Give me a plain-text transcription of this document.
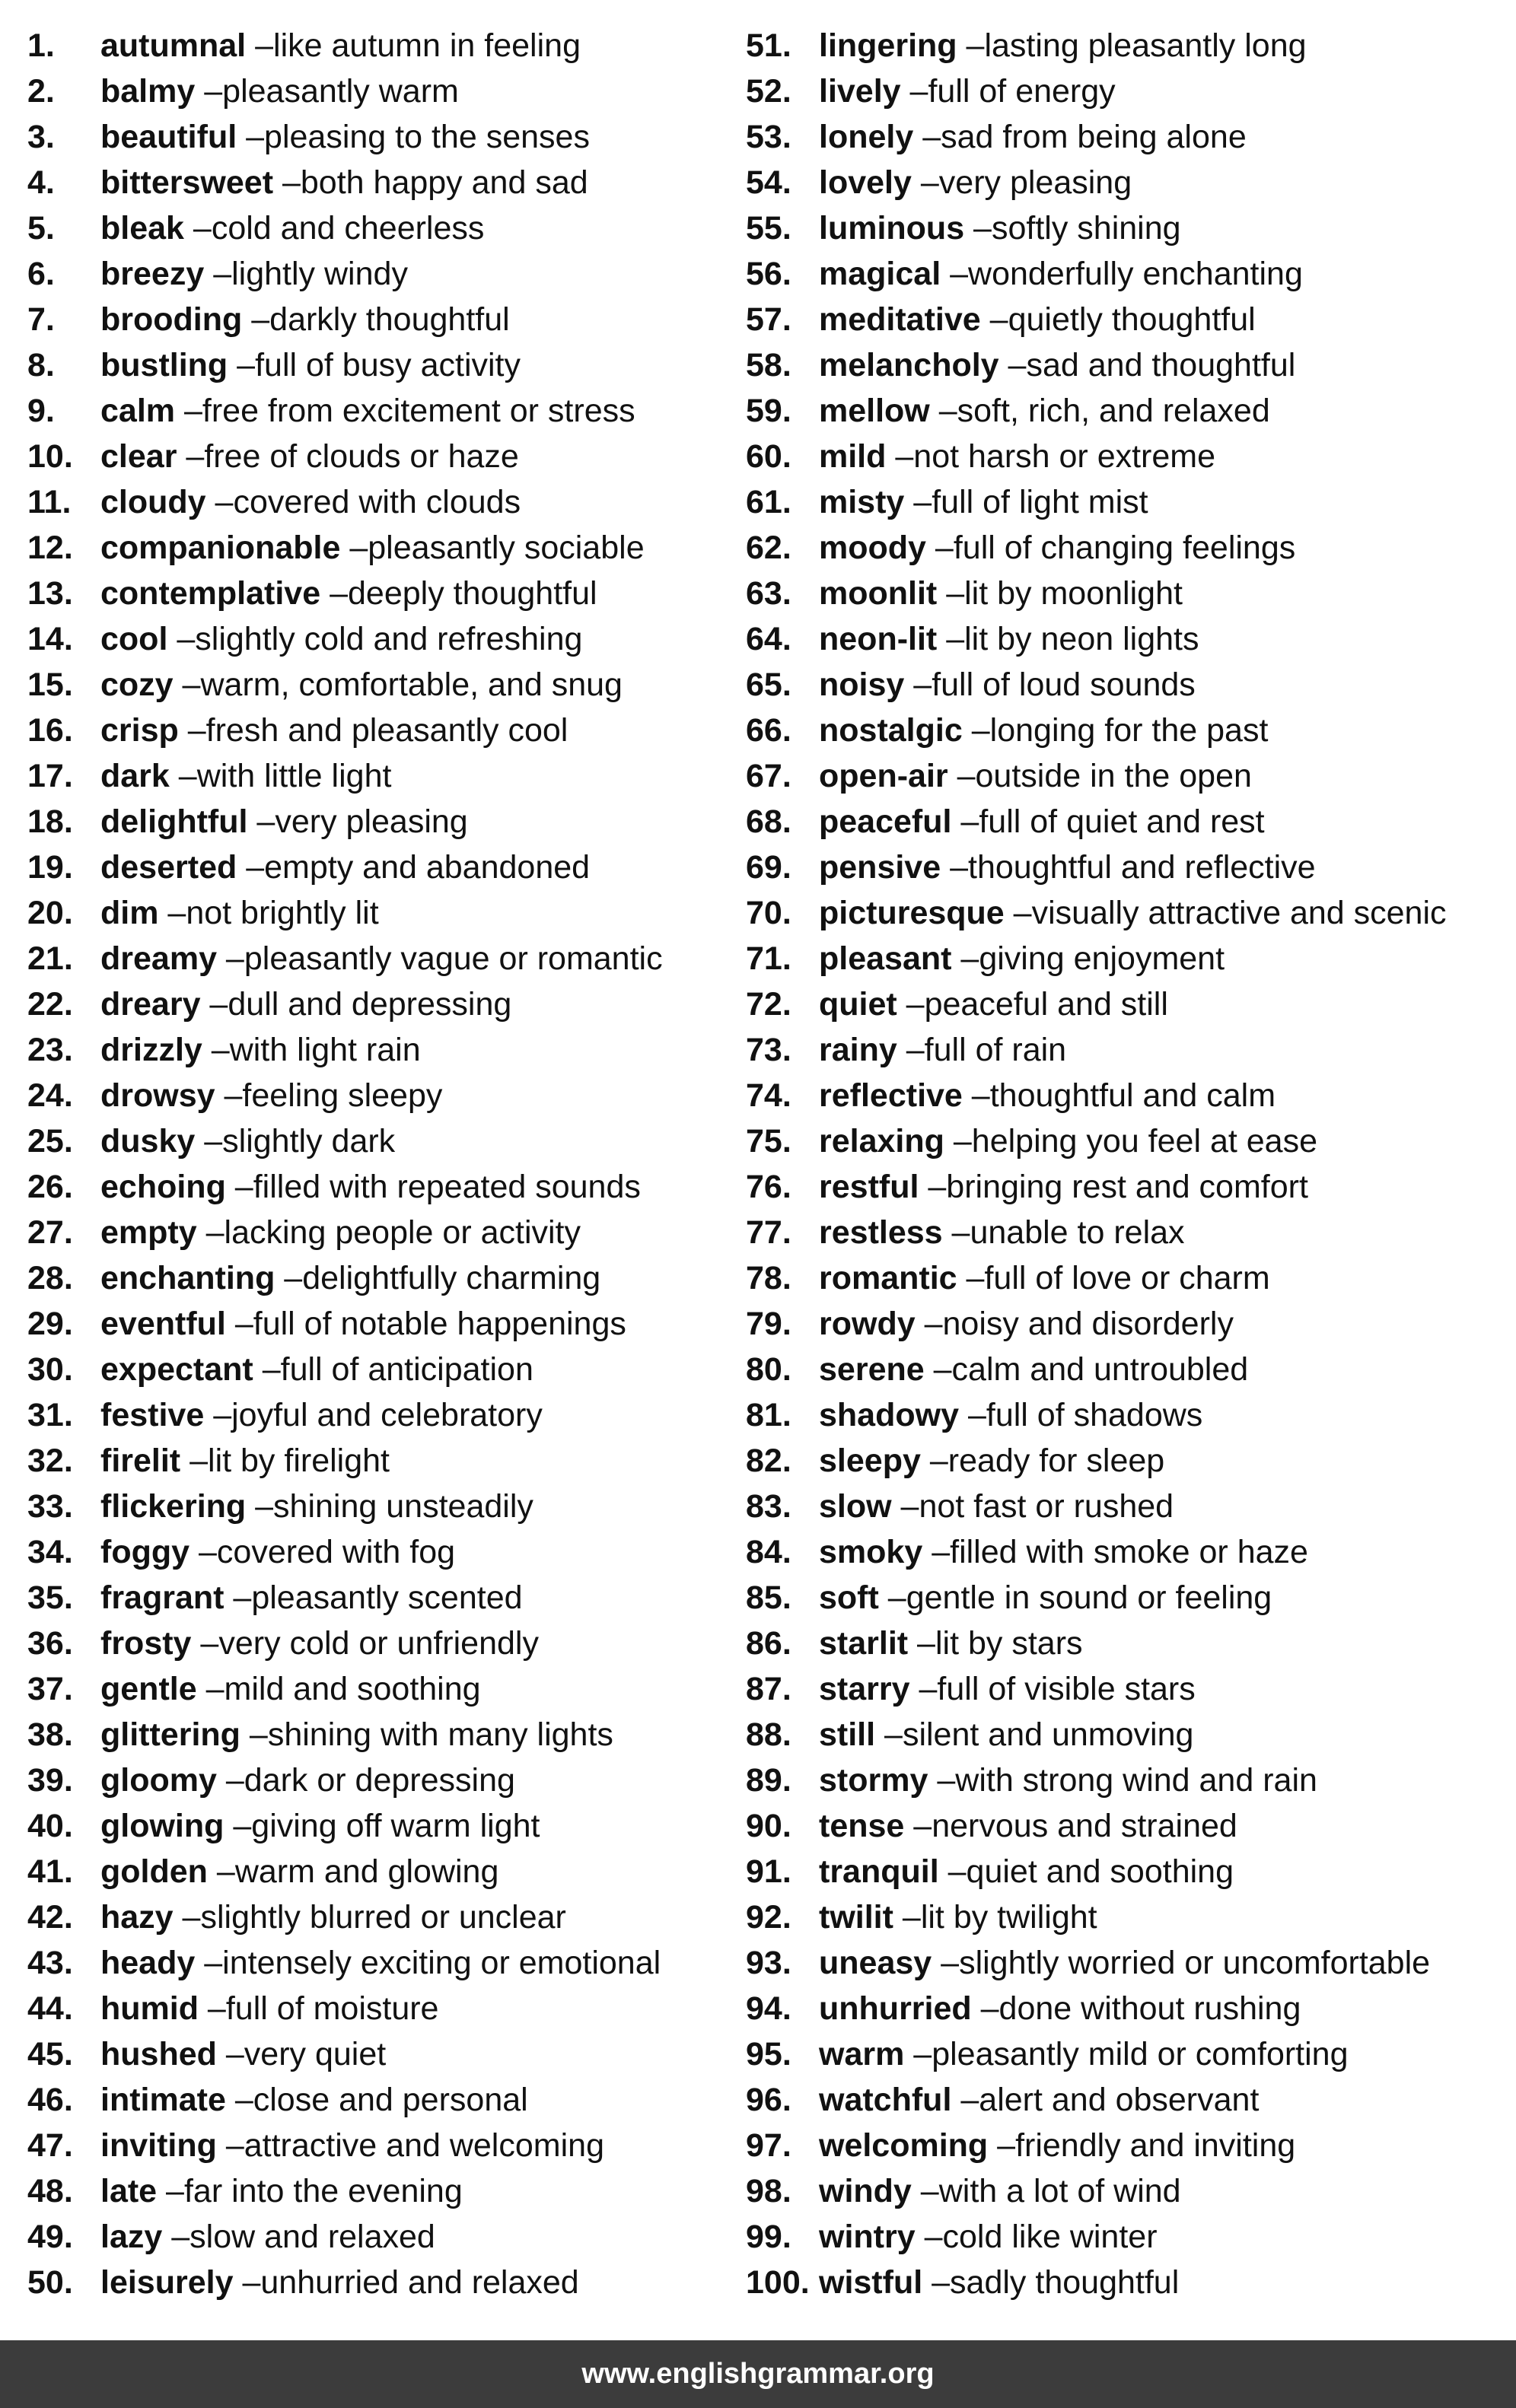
1.	autumnal – like autumn in feeling
2.	balmy – pleasantly warm
3.	beautiful – pleasing to the senses
4.	bittersweet – both happy and sad
5.	bleak – cold and cheerless
6.	breezy – lightly windy
7.	brooding – darkly thoughtful
8.	bustling – full of busy activity
9.	calm – free from excitement or stress
10. clear – free of clouds or haze
11. cloudy – covered with clouds
12. companionable – pleasantly sociable
13. contemplative – deeply thoughtful
14. cool – slightly cold and refreshing
15. cozy – warm, comfortable, and snug
16. crisp – fresh and pleasantly cool
17. dark – with little light
18. delightful – very pleasing
19. deserted – empty and abandoned
20. dim – not brightly lit
21. dreamy – pleasantly vague or romantic
22. dreary – dull and depressing
23. drizzly – with light rain
24. drowsy – feeling sleepy
25. dusky – slightly dark
26. echoing – filled with repeated sounds
27. empty – lacking people or activity
28. enchanting – delightfully charming
29. eventful – full of notable happenings
30. expectant – full of anticipation
31. festive – joyful and celebratory
32. firelit – lit by firelight
33. flickering – shining unsteadily
34. foggy – covered with fog
35. fragrant – pleasantly scented
36. frosty – very cold or unfriendly
37. gentle – mild and soothing
38. glittering – shining with many lights
39. gloomy – dark or depressing
40. glowing – giving off warm light
41. golden – warm and glowing
42. hazy – slightly blurred or unclear
43. heady – intensely exciting or emotional
44. humid – full of moisture
45. hushed – very quiet
46. intimate – close and personal
47. inviting – attractive and welcoming
48. late – far into the evening
49. lazy – slow and relaxed
50. leisurely – unhurried and relaxed
51. lingering – lasting pleasantly long
52. lively – full of energy
53. lonely – sad from being alone
54. lovely – very pleasing
55. luminous – softly shining
56. magical – wonderfully enchanting
57. meditative – quietly thoughtful
58. melancholy – sad and thoughtful
59. mellow – soft, rich, and relaxed
60. mild – not harsh or extreme
61. misty – full of light mist
62. moody – full of changing feelings
63. moonlit – lit by moonlight
64. neon-lit – lit by neon lights
65. noisy – full of loud sounds
66. nostalgic – longing for the past
67. open-air – outside in the open
68. peaceful – full of quiet and rest
69. pensive – thoughtful and reflective
70. picturesque – visually attractive and scenic
71. pleasant – giving enjoyment
72. quiet – peaceful and still
73. rainy – full of rain
74. reflective – thoughtful and calm
75. relaxing – helping you feel at ease
76. restful – bringing rest and comfort
77. restless – unable to relax
78. romantic – full of love or charm
79. rowdy – noisy and disorderly
80. serene – calm and untroubled
81. shadowy – full of shadows
82. sleepy – ready for sleep
83. slow – not fast or rushed
84. smoky – filled with smoke or haze
85. soft – gentle in sound or feeling
86. starlit – lit by stars
87. starry – full of visible stars
88. still – silent and unmoving
89. stormy – with strong wind and rain
90. tense – nervous and strained
91. tranquil – quiet and soothing
92. twilit – lit by twilight
93. uneasy – slightly worried or uncomfortable
94. unhurried – done without rushing
95. warm – pleasantly mild or comforting
96. watchful – alert and observant
97. welcoming – friendly and inviting
98. windy – with a lot of wind
99. wintry – cold like winter
100. wistful – sadly thoughtful
www.englishgrammar.org
